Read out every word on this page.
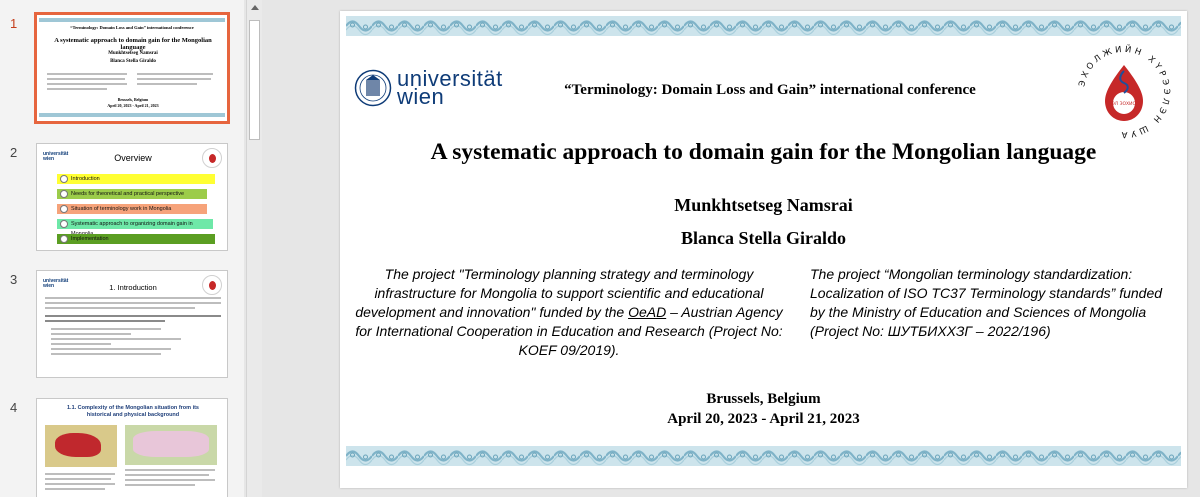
1	“Terminology: Domain Loss and Gain” international conference
A systematic approach to domain gain for the Mongolian language
Munkhtsetseg Namsrai
Blanca Stella Giraldo
Brussels, Belgium
April 20, 2023 - April 21, 2023
2	universität
wien	Overview
Introduction
Needs for theoretical and practical perspective
Situation of terminology work in Mongolia
Systematic approach to organizing domain gain in
Implementation
3	universität
wien	1. Introduction
4	1.1. Complexity of the Mongolian situation from its historical and physical background
universität
wien
ЭХОЛЖИЙН ХҮРЭЭЛЭН ШУА
ХЭЛ ЗОХИОЛ
“Terminology: Domain Loss and Gain” international conference
A systematic approach to domain gain for the Mongolian language
Munkhtsetseg Namsrai
Blanca Stella Giraldo
The project "Terminology planning strategy and terminology infrastructure for Mongolia to support scientific and educational development and innovation" funded by the OeAD – Austrian Agency for International Cooperation in Education and Research (Project No: KOEF 09/2019).
The project “Mongolian terminology standardization: Localization of ISO TC37 Terminology standards” funded by the Ministry of Education and Sciences of Mongolia (Project No: ШУТБИХХЗГ – 2022/196)
Brussels, Belgium
April 20, 2023 - April 21, 2023
